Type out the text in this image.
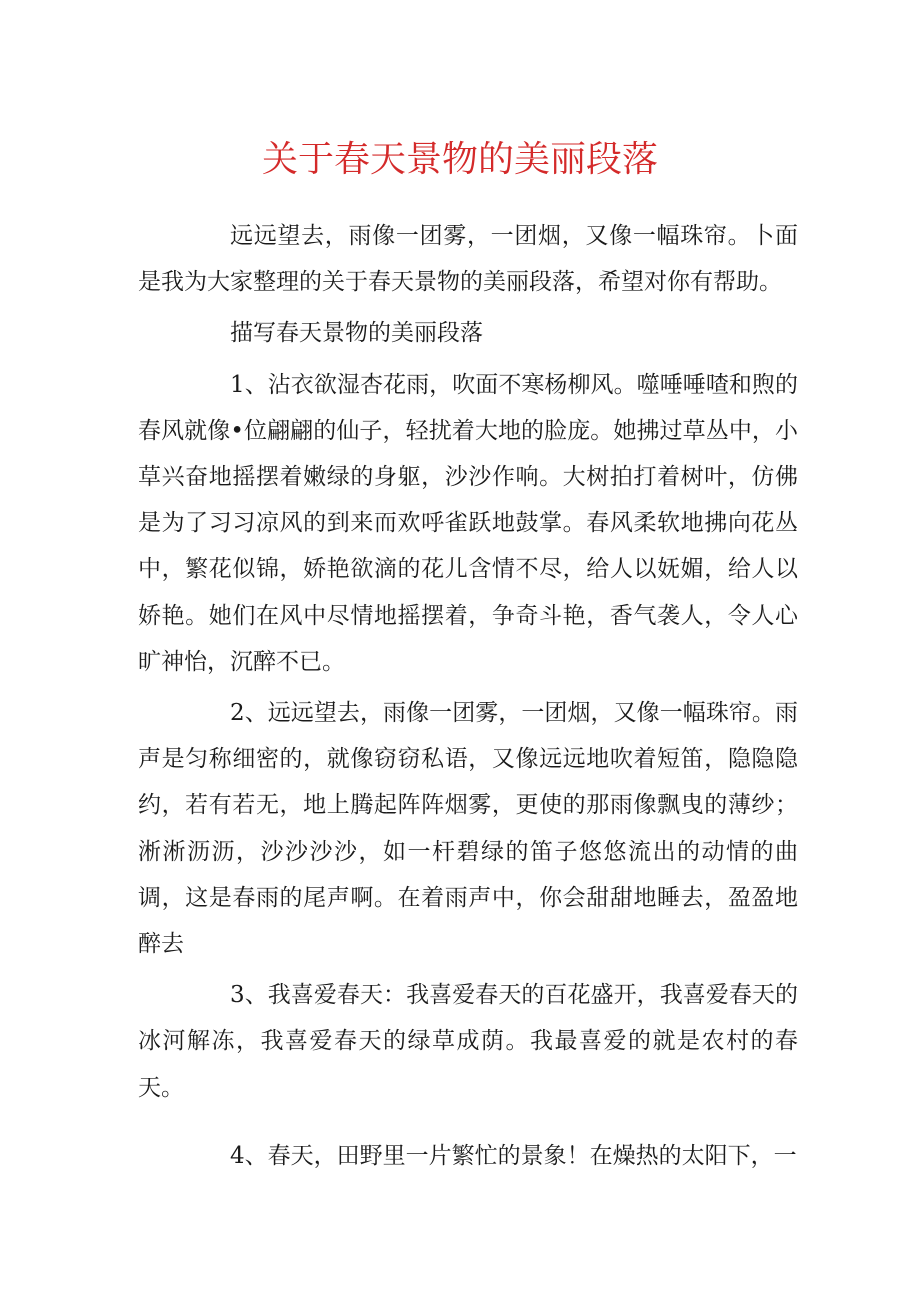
关于春天景物的美丽段落

远远望去，雨像一团雾，一团烟，又像一幅珠帘。卜面是我为大家整理的关于春天景物的美丽段落，希望对你有帮助。

描写春天景物的美丽段落

1、沾衣欲湿杏花雨，吹面不寒杨柳风。噬唾唾喳和煦的春风就像•位翩翩的仙子，轻扰着大地的脸庞。她拂过草丛中，小草兴奋地摇摆着嫩绿的身躯，沙沙作响。大树拍打着树叶，仿佛是为了习习凉风的到来而欢呼雀跃地鼓掌。春风柔软地拂向花丛中，繁花似锦，娇艳欲滴的花儿含情不尽，给人以妩媚，给人以娇艳。她们在风中尽情地摇摆着，争奇斗艳，香气袭人，令人心旷神怡，沉醉不已。

2、远远望去，雨像一团雾，一团烟，又像一幅珠帘。雨声是匀称细密的，就像窃窃私语，又像远远地吹着短笛，隐隐隐约，若有若无，地上腾起阵阵烟雾，更使的那雨像飘曳的薄纱；淅淅沥沥，沙沙沙沙，如一杆碧绿的笛子悠悠流出的动情的曲调，这是春雨的尾声啊。在着雨声中，你会甜甜地睡去，盈盈地醉去

3、我喜爱春天：我喜爱春天的百花盛开，我喜爱春天的冰河解冻，我喜爱春天的绿草成荫。我最喜爱的就是农村的春天。

4、春天，田野里一片繁忙的景象！在燥热的太阳下，一
